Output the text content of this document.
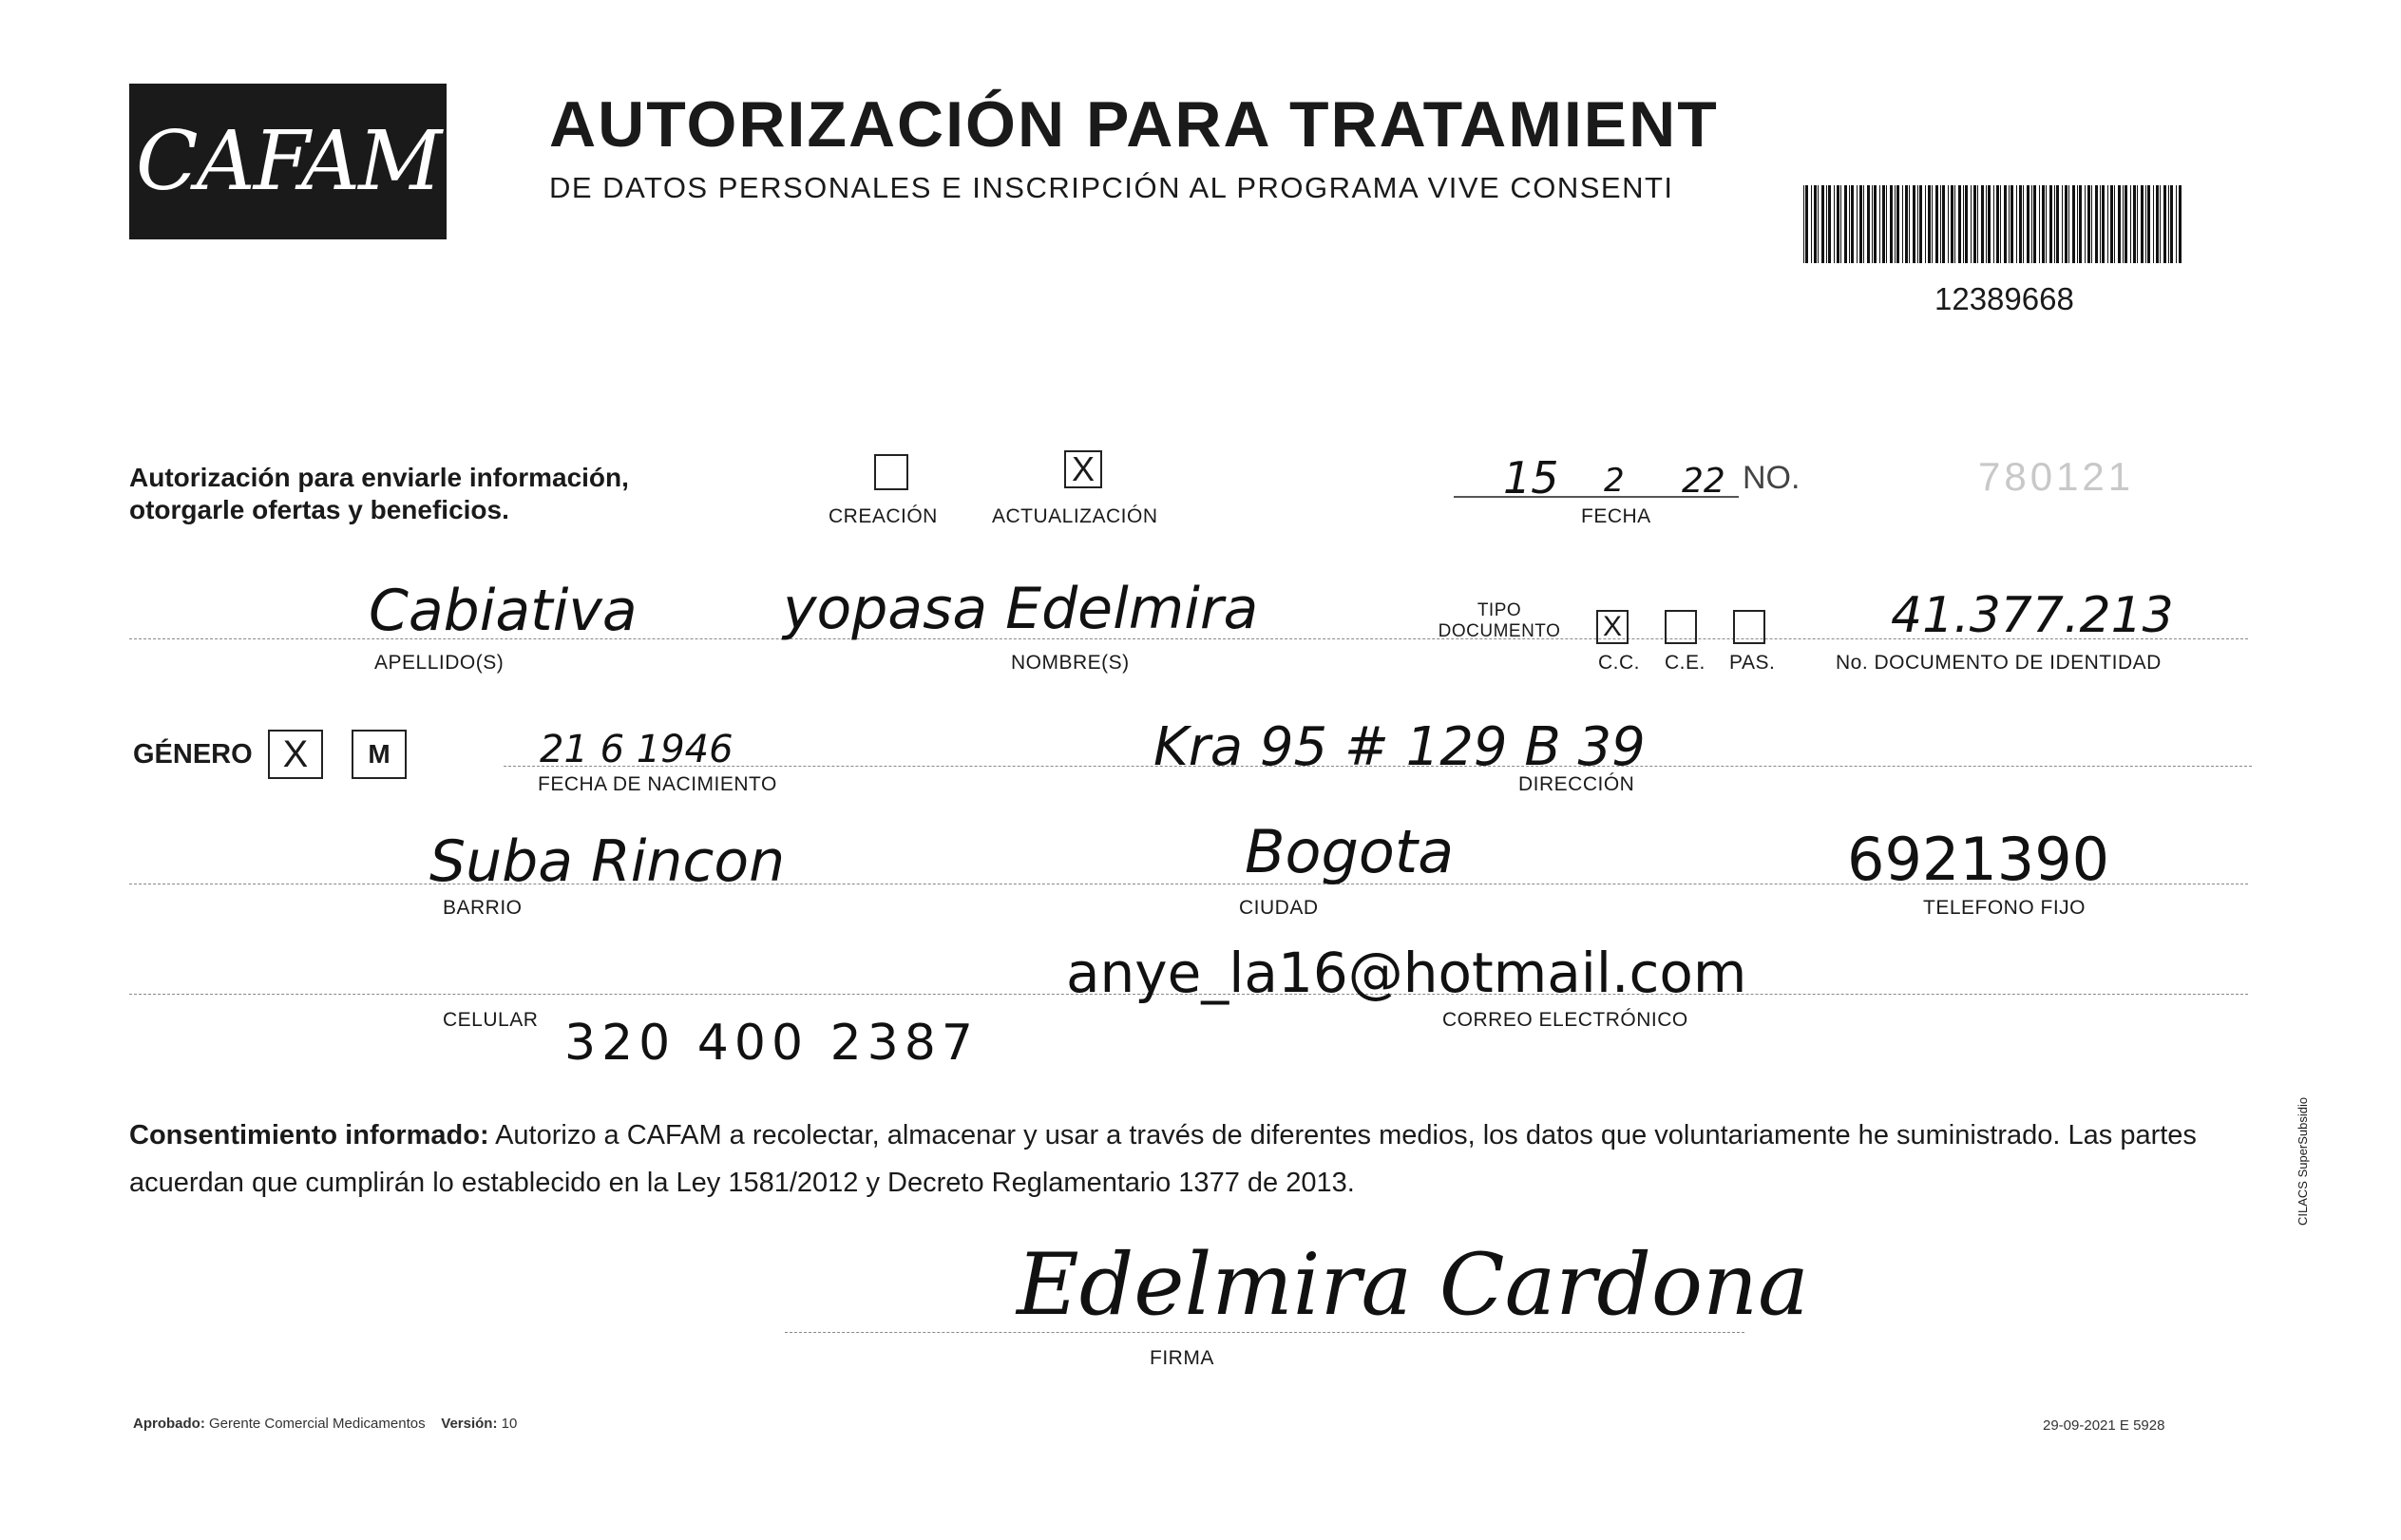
CAFAM AUTORIZACIÓN PARA TRATAMIENT
DE DATOS PERSONALES E INSCRIPCIÓN AL PROGRAMA VIVE CONSENTI
12389668
Autorización para enviarle información, otorgarle ofertas y beneficios.	CREACIÓN
X
ACTUALIZACIÓN
15 2 22
FECHA
NO.	780121
Cabiativa
APELLIDO(S)
yopasa Edelmira
NOMBRE(S)
TIPO DOCUMENTO	X
C.C. C.E. PAS.
41.377.213
No. DOCUMENTO DE IDENTIDAD
GÉNERO X	M	21 6 1946
FECHA DE NACIMIENTO
Kra 95 # 129 B 39
DIRECCIÓN
Suba Rincon
BARRIO
Bogota
CIUDAD
6921390
TELEFONO FIJO
anye_la16@hotmail.com
CORREO ELECTRÓNICO
CELULAR 320 400 2387
Consentimiento informado: Autorizo a CAFAM a recolectar, almacenar y usar a través de diferentes medios, los datos que voluntariamente he suministrado. Las partes acuerdan que cumplirán lo establecido en la Ley 1581/2012 y Decreto Reglamentario 1377 de 2013.
Edelmira Cardona
FIRMA
Aprobado: Gerente Comercial Medicamentos Versión: 10	29-09-2021 E 5928
CILACS SuperSubsidio
